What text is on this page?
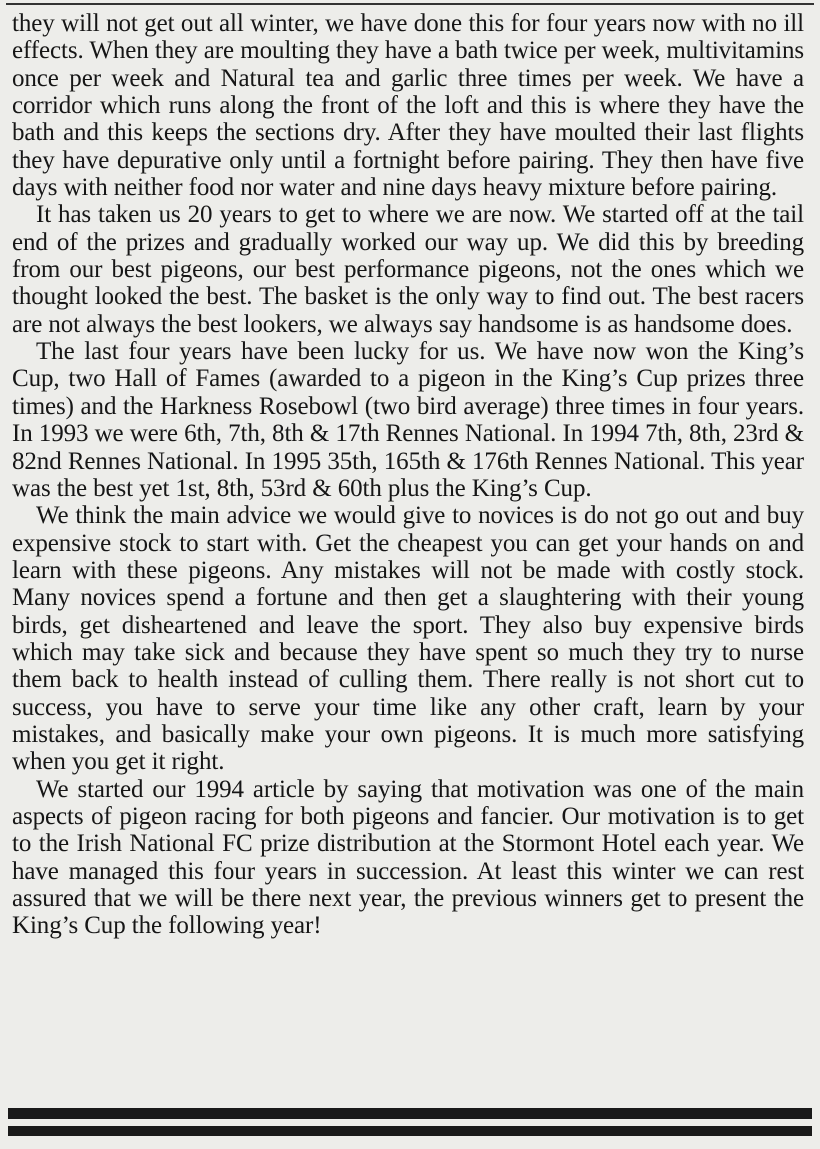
they will not get out all winter, we have done this for four years now with no ill effects. When they are moulting they have a bath twice per week, multivitamins once per week and Natural tea and garlic three times per week. We have a corridor which runs along the front of the loft and this is where they have the bath and this keeps the sections dry. After they have moulted their last flights they have depurative only until a fortnight before pairing. They then have five days with neither food nor water and nine days heavy mixture before pairing.

It has taken us 20 years to get to where we are now. We started off at the tail end of the prizes and gradually worked our way up. We did this by breeding from our best pigeons, our best performance pigeons, not the ones which we thought looked the best. The basket is the only way to find out. The best racers are not always the best lookers, we always say handsome is as handsome does.

The last four years have been lucky for us. We have now won the King’s Cup, two Hall of Fames (awarded to a pigeon in the King’s Cup prizes three times) and the Harkness Rosebowl (two bird average) three times in four years. In 1993 we were 6th, 7th, 8th & 17th Rennes National. In 1994 7th, 8th, 23rd & 82nd Rennes National. In 1995 35th, 165th & 176th Rennes National. This year was the best yet 1st, 8th, 53rd & 60th plus the King’s Cup.

We think the main advice we would give to novices is do not go out and buy expensive stock to start with. Get the cheapest you can get your hands on and learn with these pigeons. Any mistakes will not be made with costly stock. Many novices spend a fortune and then get a slaughtering with their young birds, get disheartened and leave the sport. They also buy expensive birds which may take sick and because they have spent so much they try to nurse them back to health instead of culling them. There really is not short cut to success, you have to serve your time like any other craft, learn by your mistakes, and basically make your own pigeons. It is much more satisfying when you get it right.

We started our 1994 article by saying that motivation was one of the main aspects of pigeon racing for both pigeons and fancier. Our motivation is to get to the Irish National FC prize distribution at the Stormont Hotel each year. We have managed this four years in succession. At least this winter we can rest assured that we will be there next year, the previous winners get to present the King’s Cup the following year!
